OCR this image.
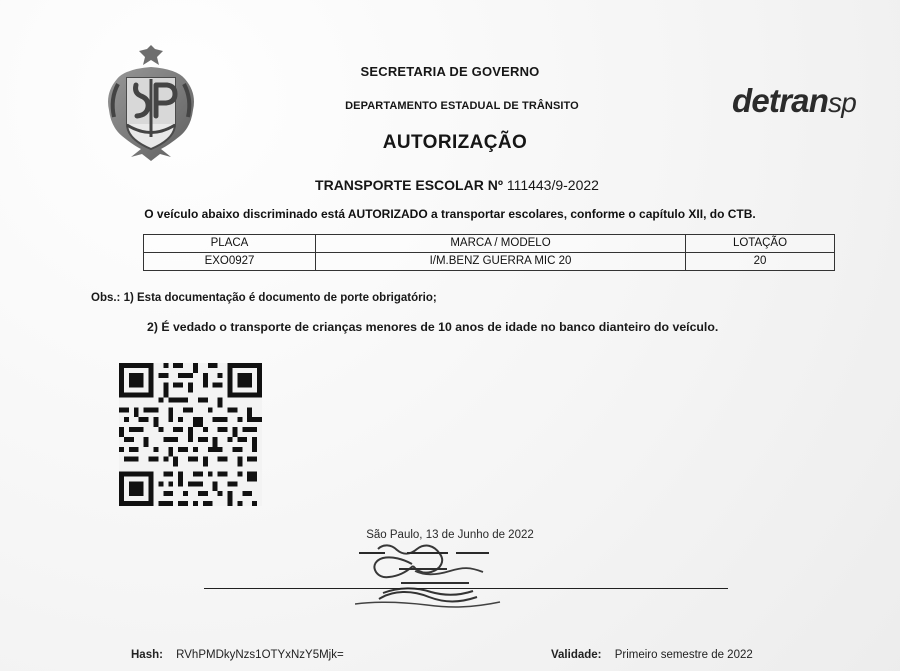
SECRETARIA DE GOVERNO
DEPARTAMENTO ESTADUAL DE TRÂNSITO
AUTORIZAÇÃO
detransp
TRANSPORTE ESCOLAR Nº 111443/9-2022
O veículo abaixo discriminado está AUTORIZADO a transportar escolares, conforme o capítulo XII, do CTB.
PLACA	MARCA / MODELO	LOTAÇÃO
EXO0927	I/M.BENZ GUERRA MIC 20	20
Obs.: 1) Esta documentação é documento de porte obrigatório;
2) É vedado o transporte de crianças menores de 10 anos de idade no banco dianteiro do veículo.
São Paulo, 13 de Junho de 2022
Hash: RVhPMDkyNzs1OTYxNzY5Mjk=	Validade: Primeiro semestre de 2022
